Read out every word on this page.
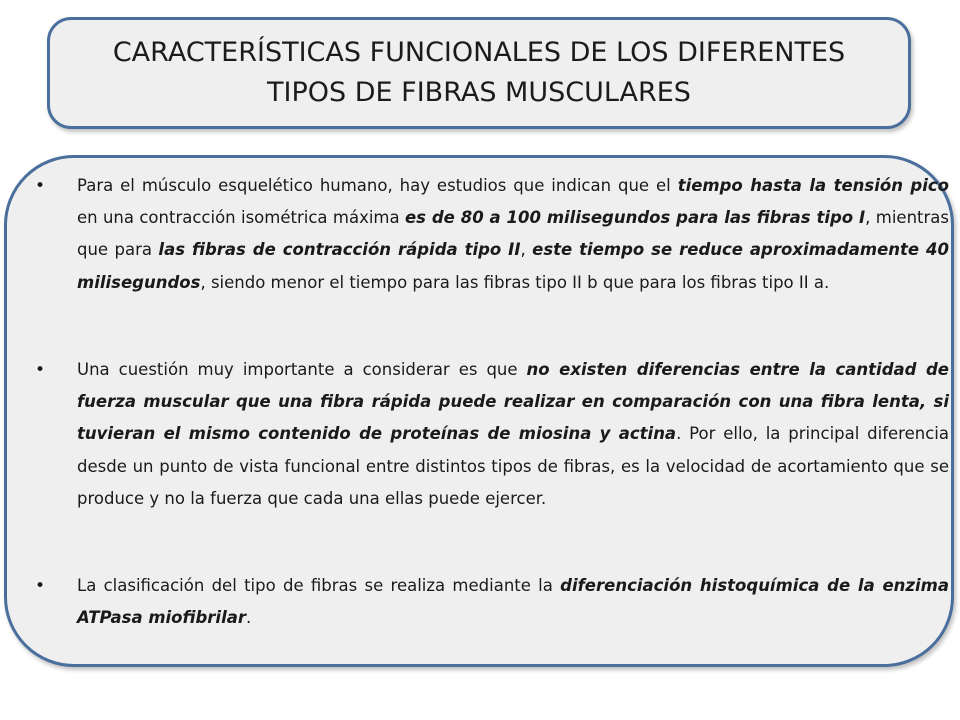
CARACTERÍSTICAS FUNCIONALES DE LOS DIFERENTES
TIPOS DE FIBRAS MUSCULARES
• Para el músculo esquelético humano, hay estudios que indican que el tiempo hasta la tensión pico en una contracción isométrica máxima es de 80 a 100 milisegundos para las fibras tipo I, mientras que para las fibras de contracción rápida tipo II, este tiempo se reduce aproximadamente 40 milisegundos, siendo menor el tiempo para las fibras tipo II b que para los fibras tipo II a.
• Una cuestión muy importante a considerar es que no existen diferencias entre la cantidad de fuerza muscular que una fibra rápida puede realizar en comparación con una fibra lenta, si tuvieran el mismo contenido de proteínas de miosina y actina. Por ello, la principal diferencia desde un punto de vista funcional entre distintos tipos de fibras, es la velocidad de acortamiento que se produce y no la fuerza que cada una ellas puede ejercer.
• La clasificación del tipo de fibras se realiza mediante la diferenciación histoquímica de la enzima ATPasa miofibrilar.
